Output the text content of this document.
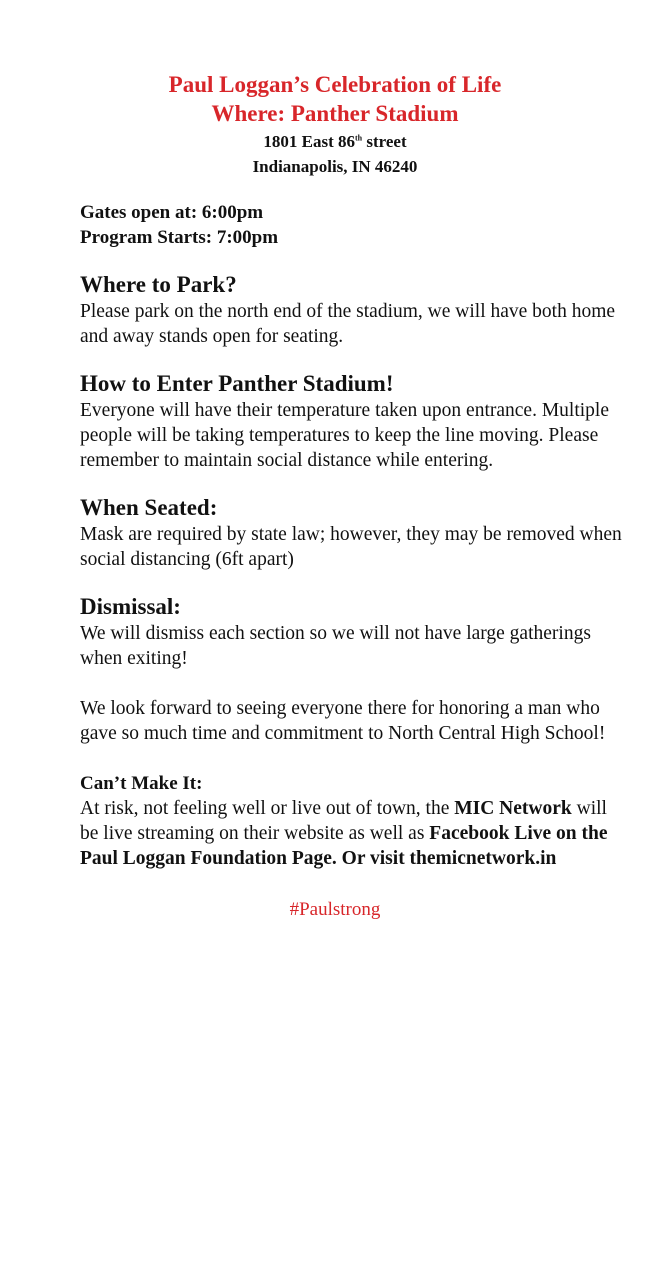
Paul Loggan’s Celebration of Life
Where: Panther Stadium
1801 East 86th street
Indianapolis, IN 46240
Gates open at: 6:00pm
Program Starts: 7:00pm
Where to Park?

Please park on the north end of the stadium, we will have both home and away stands open for seating.

How to Enter Panther Stadium!

Everyone will have their temperature taken upon entrance. Multiple people will be taking temperatures to keep the line moving. Please remember to maintain social distance while entering.

When Seated:

Mask are required by state law; however, they may be removed when social distancing (6ft apart)

Dismissal:

We will dismiss each section so we will not have large gatherings when exiting!

We look forward to seeing everyone there for honoring a man who gave so much time and commitment to North Central High School!

Can’t Make It:

At risk, not feeling well or live out of town, the MIC Network will be live streaming on their website as well as Facebook Live on the Paul Loggan Foundation Page. Or visit themicnetwork.in

#Paulstrong
